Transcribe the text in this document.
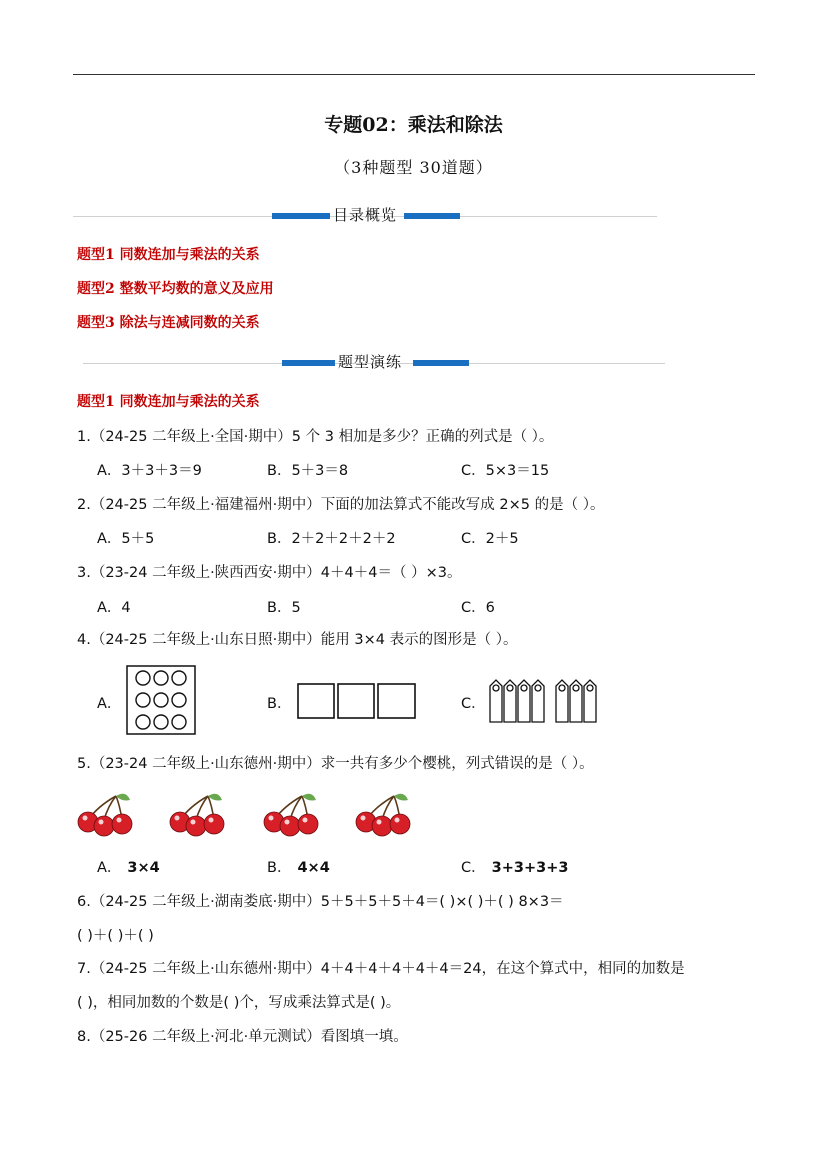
专题02：乘法和除法
（3种题型 30道题）
目录概览
题型1 同数连加与乘法的关系
题型2 整数平均数的意义及应用
题型3 除法与连减同数的关系
题型演练
题型1 同数连加与乘法的关系
1.（24-25 二年级上·全国·期中）5 个 3 相加是多少？正确的列式是（ ）。
A．3＋3＋3＝9	B．5＋3＝8	C．5×3＝15
2.（24-25 二年级上·福建福州·期中）下面的加法算式不能改写成 2×5 的是（ ）。
A．5＋5	B．2＋2＋2＋2＋2	C．2＋5
3.（23-24 二年级上·陕西西安·期中）4＋4＋4＝（ ）×3。
A．4	B．5	C．6
4.（24-25 二年级上·山东日照·期中）能用 3×4 表示的图形是（ ）。
A．	B．	C．
5.（23-24 二年级上·山东德州·期中）求一共有多少个樱桃，列式错误的是（ ）。
A． 3×4	B． 4×4	C． 3+3+3+3
6.（24-25 二年级上·湖南娄底·期中）5＋5＋5＋5＋4＝( )×( )＋( ) 8×3＝
( )＋( )＋( )
7.（24-25 二年级上·山东德州·期中）4＋4＋4＋4＋4＋4＝24，在这个算式中，相同的加数是
( )，相同加数的个数是( )个，写成乘法算式是( )。
8.（25-26 二年级上·河北·单元测试）看图填一填。
